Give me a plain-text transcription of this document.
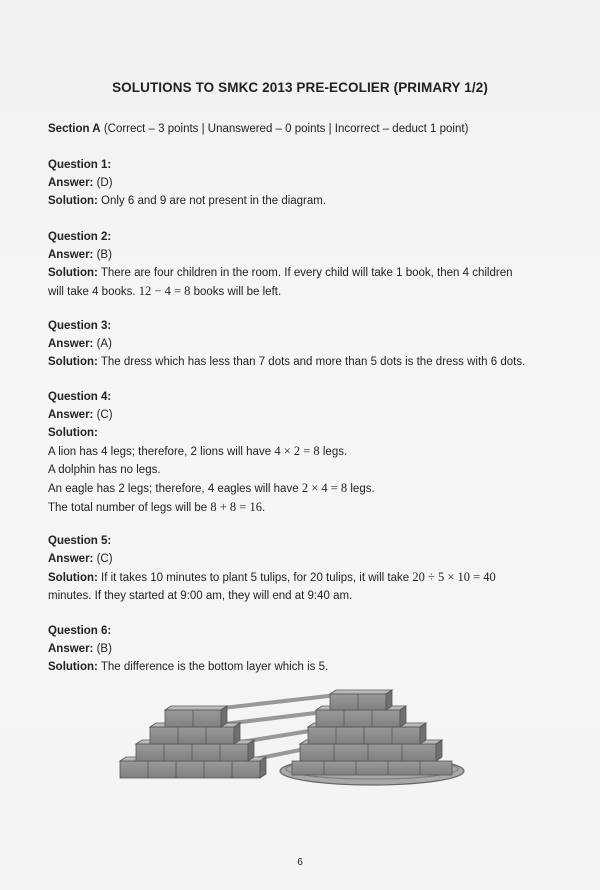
SOLUTIONS TO SMKC 2013 PRE-ECOLIER (PRIMARY 1/2)
Section A (Correct – 3 points | Unanswered – 0 points | Incorrect – deduct 1 point)
Question 1:
Answer: (D)
Solution: Only 6 and 9 are not present in the diagram.
Question 2:
Answer: (B)
Solution: There are four children in the room. If every child will take 1 book, then 4 children
will take 4 books. 12 − 4 = 8 books will be left.
Question 3:
Answer: (A)
Solution: The dress which has less than 7 dots and more than 5 dots is the dress with 6 dots.
Question 4:
Answer: (C)
Solution:
A lion has 4 legs; therefore, 2 lions will have 4 × 2 = 8 legs.
A dolphin has no legs.
An eagle has 2 legs; therefore, 4 eagles will have 2 × 4 = 8 legs.
The total number of legs will be 8 + 8 = 16.
Question 5:
Answer: (C)
Solution: If it takes 10 minutes to plant 5 tulips, for 20 tulips, it will take 20 ÷ 5 × 10 = 40
minutes. If they started at 9:00 am, they will end at 9:40 am.
Question 6:
Answer: (B)
Solution: The difference is the bottom layer which is 5.
6
